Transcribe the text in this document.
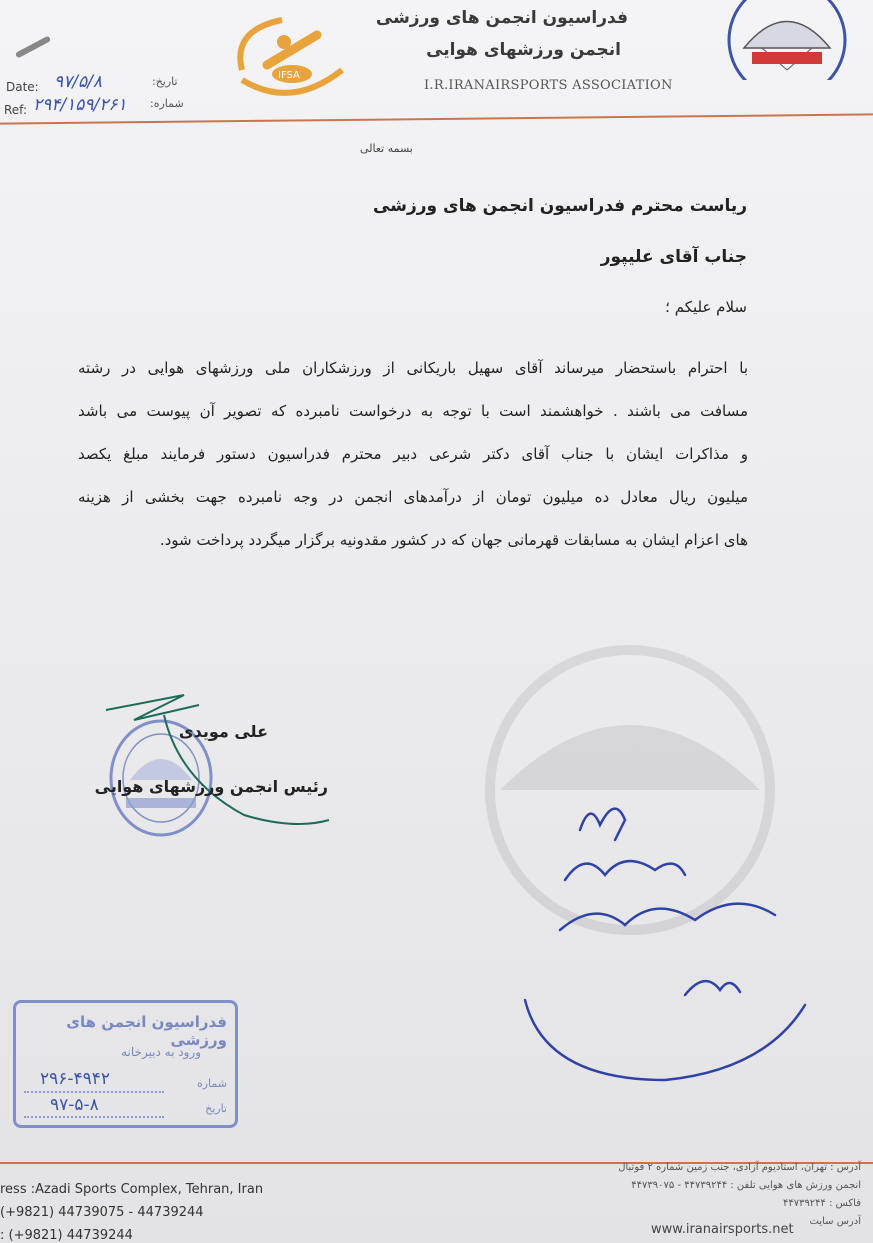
IFSA
فدراسیون انجمن های ورزشی
انجمن ورزشهای هوایی
I.R.IRANAIRSPORTS ASSOCIATION
Date: ۹۷/۵/۸	تاریخ:
Ref: ۲۹۴/۱۵۹/۲۶۱ شماره:
بسمه تعالی
ریاست محترم فدراسیون انجمن های ورزشی
جناب آقای علیپور
سلام علیکم ؛

با احترام باستحضار میرساند آقای سهیل باریکانی از ورزشکاران ملی ورزشهای هوایی در رشته

مسافت می باشند . خواهشمند است با توجه به درخواست نامبرده که تصویر آن پیوست می باشد

و مذاکرات ایشان با جناب آقای دکتر شرعی دبیر محترم فدراسیون دستور فرمایند مبلغ یکصد

میلیون ریال معادل ده میلیون تومان از درآمدهای انجمن در وجه نامبرده جهت بخشی از هزینه

های اعزام ایشان به مسابقات قهرمانی جهان که در کشور مقدونیه برگزار میگردد پرداخت شود.

علی مویدی
رئیس انجمن ورزشهای هوایی
فدراسیون انجمن های ورزشی
ورود به دبیرخانه
شماره
۲۹۶-۴۹۴۲
تاریخ
۹۷-۵-۸
ress :Azadi Sports Complex, Tehran, Iran
(+9821) 44739075 - 44739244
: (+9821) 44739244
آدرس : تهران، استادیوم آزادی، جنب زمین شماره ۲ فوتبال
انجمن ورزش های هوایی تلفن : ۴۴۷۳۹۲۴۴ - ۴۴۷۳۹۰۷۵
فاکس : ۴۴۷۳۹۲۴۴
آدرس سایت
www.iranairsports.net
